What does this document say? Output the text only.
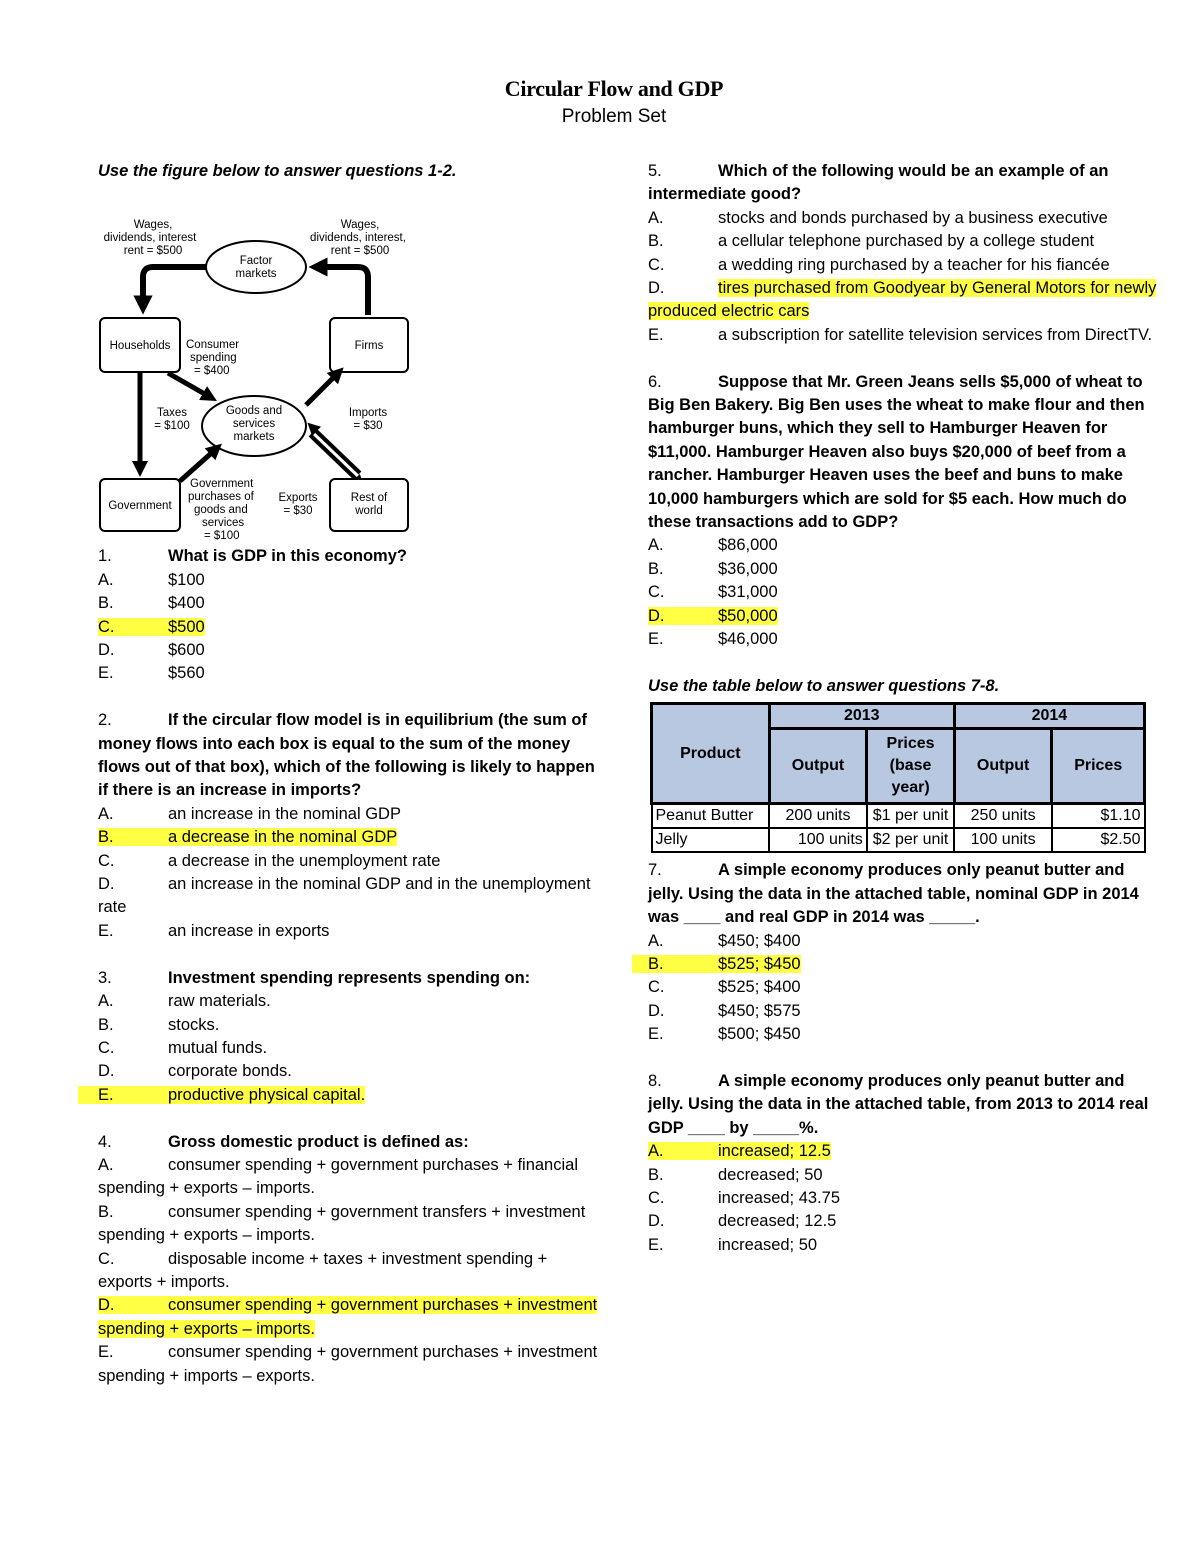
Circular Flow and GDP
Problem Set

Use the figure below to answer questions 1-2.

Wages,
dividends, interest
rent = $500
Wages,
dividends, interest,
rent = $500
Factor
markets
Households	Firms
Consumer
spending
= $400
Taxes
= $100
Goods and
services
markets
Imports
= $30
Government
Government
purchases of
goods and
services
= $100
Exports
= $30
Rest of
world

1.	What is GDP in this economy?

A.	$100

B.	$400

C.	$500

D.	$600

E.	$560

2.	If the circular flow model is in equilibrium (the sum of money flows into each box is equal to the sum of the money flows out of that box), which of the following is likely to happen if there is an increase in imports?

A.	an increase in the nominal GDP

B.	a decrease in the nominal GDP

C.	a decrease in the unemployment rate

D.	an increase in the nominal GDP and in the unemployment rate

E.	an increase in exports

3.	Investment spending represents spending on:

A.	raw materials.

B.	stocks.

C.	mutual funds.

D.	corporate bonds.

E.	productive physical capital.

4.	Gross domestic product is defined as:

A.	consumer spending + government purchases + financial spending + exports – imports.

B.	consumer spending + government transfers + investment spending + exports – imports.

C.	disposable income + taxes + investment spending + exports + imports.

D.	consumer spending + government purchases + investment spending + exports – imports.

E.	consumer spending + government purchases + investment spending + imports – exports.

5.	Which of the following would be an example of an intermediate good?

A.	stocks and bonds purchased by a business executive

B.	a cellular telephone purchased by a college student

C.	a wedding ring purchased by a teacher for his fiancée

D.	tires purchased from Goodyear by General Motors for newly produced electric cars

E.	a subscription for satellite television services from DirectTV.

6.	Suppose that Mr. Green Jeans sells $5,000 of wheat to Big Ben Bakery. Big Ben uses the wheat to make flour and then hamburger buns, which they sell to Hamburger Heaven for $11,000. Hamburger Heaven also buys $20,000 of beef from a rancher. Hamburger Heaven uses the beef and buns to make 10,000 hamburgers which are sold for $5 each. How much do these transactions add to GDP?

A.	$86,000

B.	$36,000

C.	$31,000

D.	$50,000

E.	$46,000

Use the table below to answer questions 7-8.

Product	2013		2014	
	Output	Prices (base year)	Output	Prices
Peanut Butter	200 units	$1 per unit	250 units	$1.10
Jelly	100 units	$2 per unit	100 units	$2.50

7.	A simple economy produces only peanut butter and jelly. Using the data in the attached table, nominal GDP in 2014 was ____ and real GDP in 2014 was _____.

A.	$450; $400

B.	$525; $450

C.	$525; $400

D.	$450; $575

E.	$500; $450

8.	A simple economy produces only peanut butter and jelly. Using the data in the attached table, from 2013 to 2014 real GDP ____ by _____%.

A.	increased; 12.5

B.	decreased; 50

C.	increased; 43.75

D.	decreased; 12.5

E.	increased; 50
